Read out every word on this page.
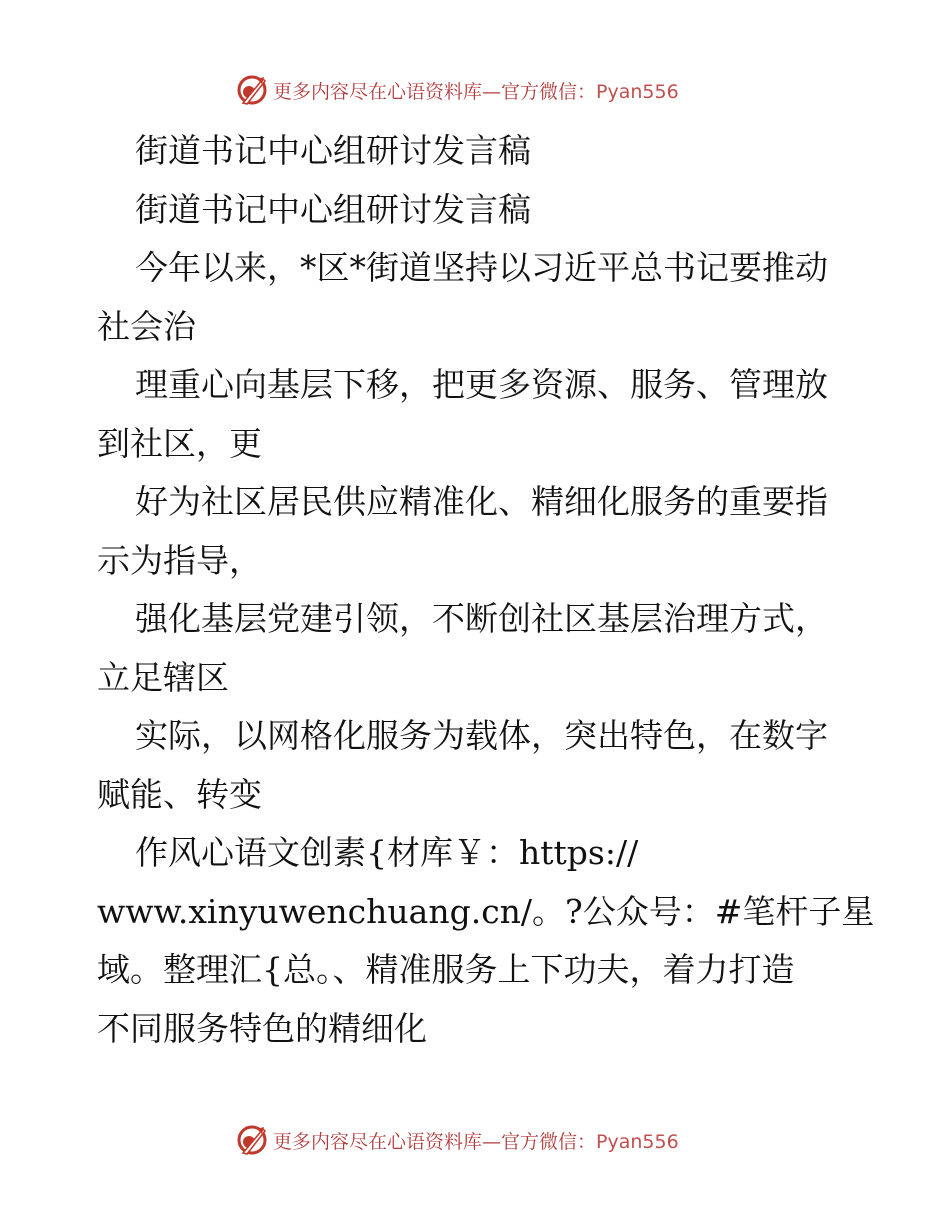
更多内容尽在心语资料库—官方微信：Pyan556

街道书记中心组研讨发言稿

街道书记中心组研讨发言稿

今年以来，*区*街道坚持以习近平总书记要推动

社会治

理重心向基层下移，把更多资源、服务、管理放

到社区，更

好为社区居民供应精准化、精细化服务的重要指

示为指导，

强化基层党建引领，不断创社区基层治理方式，

立足辖区

实际，以网格化服务为载体，突出特色，在数字

赋能、转变

作风心语文创素{材库￥：https://

www.xinyuwenchuang.cn/。?公众号：#笔杆子星

域。整理汇{总。、精准服务上下功夫，着力打造

不同服务特色的精细化

更多内容尽在心语资料库—官方微信：Pyan556
